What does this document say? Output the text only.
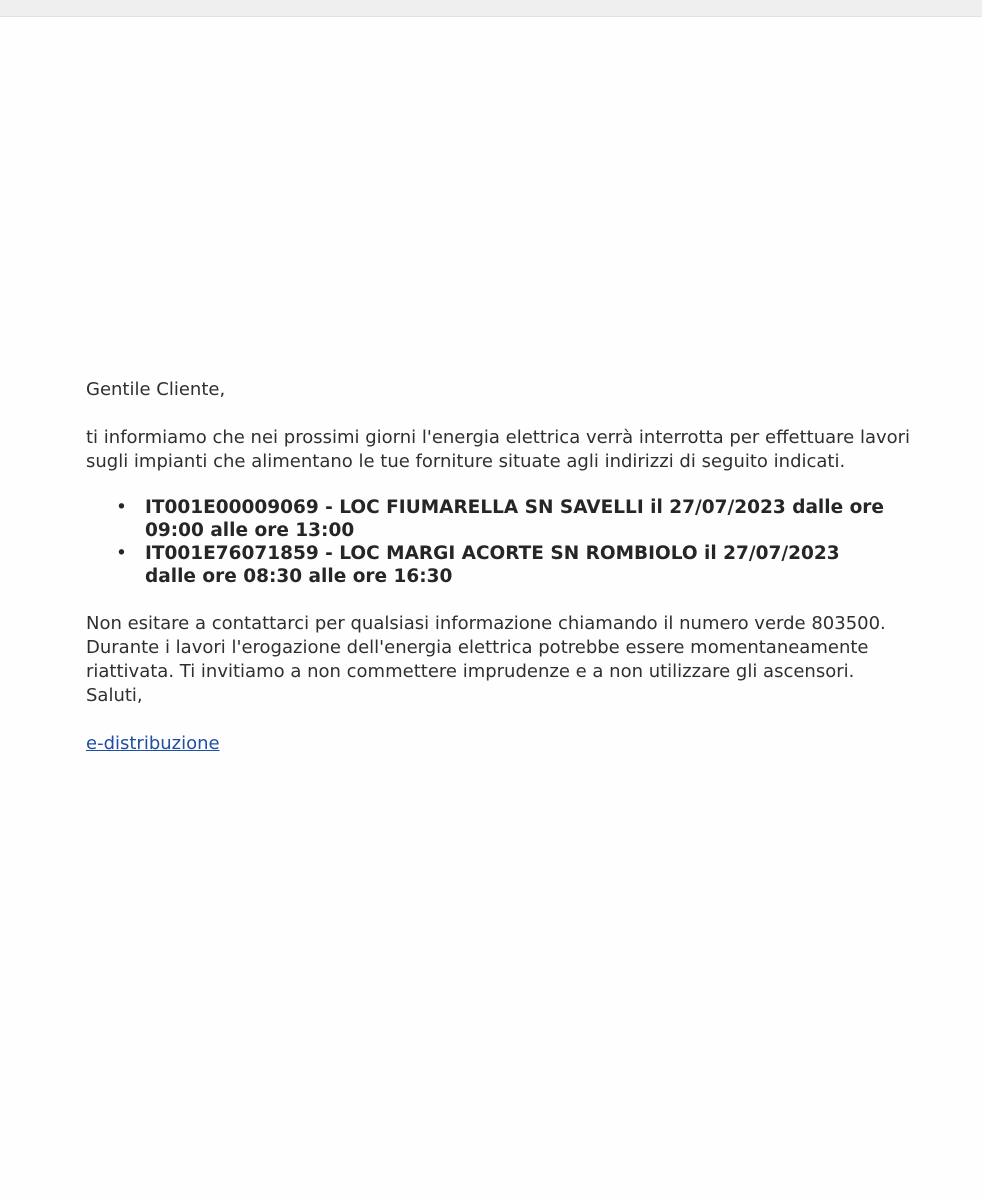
Gentile Cliente,

ti informiamo che nei prossimi giorni l'energia elettrica verrà interrotta per effettuare lavori
sugli impianti che alimentano le tue forniture situate agli indirizzi di seguito indicati.

• IT001E00009069 - LOC FIUMARELLA SN SAVELLI il 27/07/2023 dalle ore
09:00 alle ore 13:00
• IT001E76071859 - LOC MARGI ACORTE SN ROMBIOLO il 27/07/2023
dalle ore 08:30 alle ore 16:30

Non esitare a contattarci per qualsiasi informazione chiamando il numero verde 803500.
Durante i lavori l'erogazione dell'energia elettrica potrebbe essere momentaneamente
riattivata. Ti invitiamo a non commettere imprudenze e a non utilizzare gli ascensori.
Saluti,

e-distribuzione
